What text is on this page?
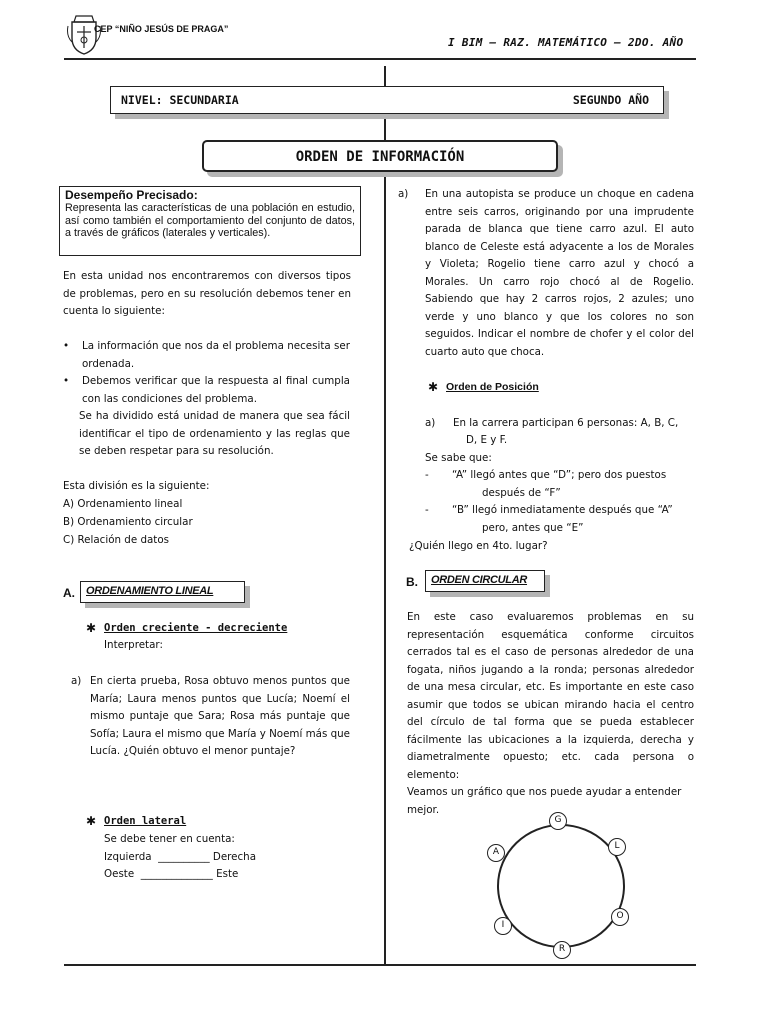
CEP “NIÑO JESÚS DE PRAGA”
I BIM – RAZ. MATEMÁTICO – 2DO. AÑO
NIVEL: SECUNDARIA	SEGUNDO AÑO
ORDEN DE INFORMACIÓN
Desempeño Precisado:
Representa las características de una población en estudio, así como también el comportamiento del conjunto de datos, a través de gráficos (laterales y verticales).
En esta unidad nos encontraremos con diversos tipos de problemas, pero en su resolución debemos tener en cuenta lo siguiente:
• La información que nos da el problema necesita ser ordenada.
• Debemos verificar que la respuesta al final cumpla con las condiciones del problema.
Se ha dividido está unidad de manera que sea fácil identificar el tipo de ordenamiento y las reglas que se deben respetar para su resolución.
Esta división es la siguiente:
A) Ordenamiento lineal
B) Ordenamiento circular
C) Relación de datos
A. ORDENAMIENTO LINEAL
✱ Orden creciente - decreciente
Interpretar:
a) En cierta prueba, Rosa obtuvo menos puntos que María; Laura menos puntos que Lucía; Noemí el mismo puntaje que Sara; Rosa más puntaje que Sofía; Laura el mismo que María y Noemí más que Lucía. ¿Quién obtuvo el menor puntaje?
✱ Orden lateral
Se debe tener en cuenta:
Izquierda  __________ Derecha
Oeste  ______________ Este
a) En una autopista se produce un choque en cadena entre seis carros, originando por una imprudente parada de blanca que tiene carro azul. El auto blanco de Celeste está adyacente a los de Morales y Violeta; Rogelio tiene carro azul y chocó a Morales. Un carro rojo chocó al de Rogelio. Sabiendo que hay 2 carros rojos, 2 azules; uno verde y uno blanco y que los colores no son seguidos. Indicar el nombre de chofer y el color del cuarto auto que choca.
✱ Orden de Posición
a) En la carrera participan 6 personas: A, B, C,
D, E y F.
Se sabe que:
- “A” llegó antes que “D”; pero dos puestos
después de “F”
- “B” llegó inmediatamente después que “A”
pero, antes que “E”
¿Quién llego en 4to. lugar?
B. ORDEN CIRCULAR
En este caso evaluaremos problemas en su representación esquemática conforme circuitos cerrados tal es el caso de personas alrededor de una fogata, niños jugando a la ronda; personas alrededor de una mesa circular, etc. Es importante en este caso asumir que todos se ubican mirando hacia el centro del círculo de tal forma que se pueda establecer fácilmente las ubicaciones a la izquierda, derecha y diametralmente opuesto; etc. cada persona o elemento:
Veamos un gráfico que nos puede ayudar a entender mejor.
G
L
A
O
I
R
